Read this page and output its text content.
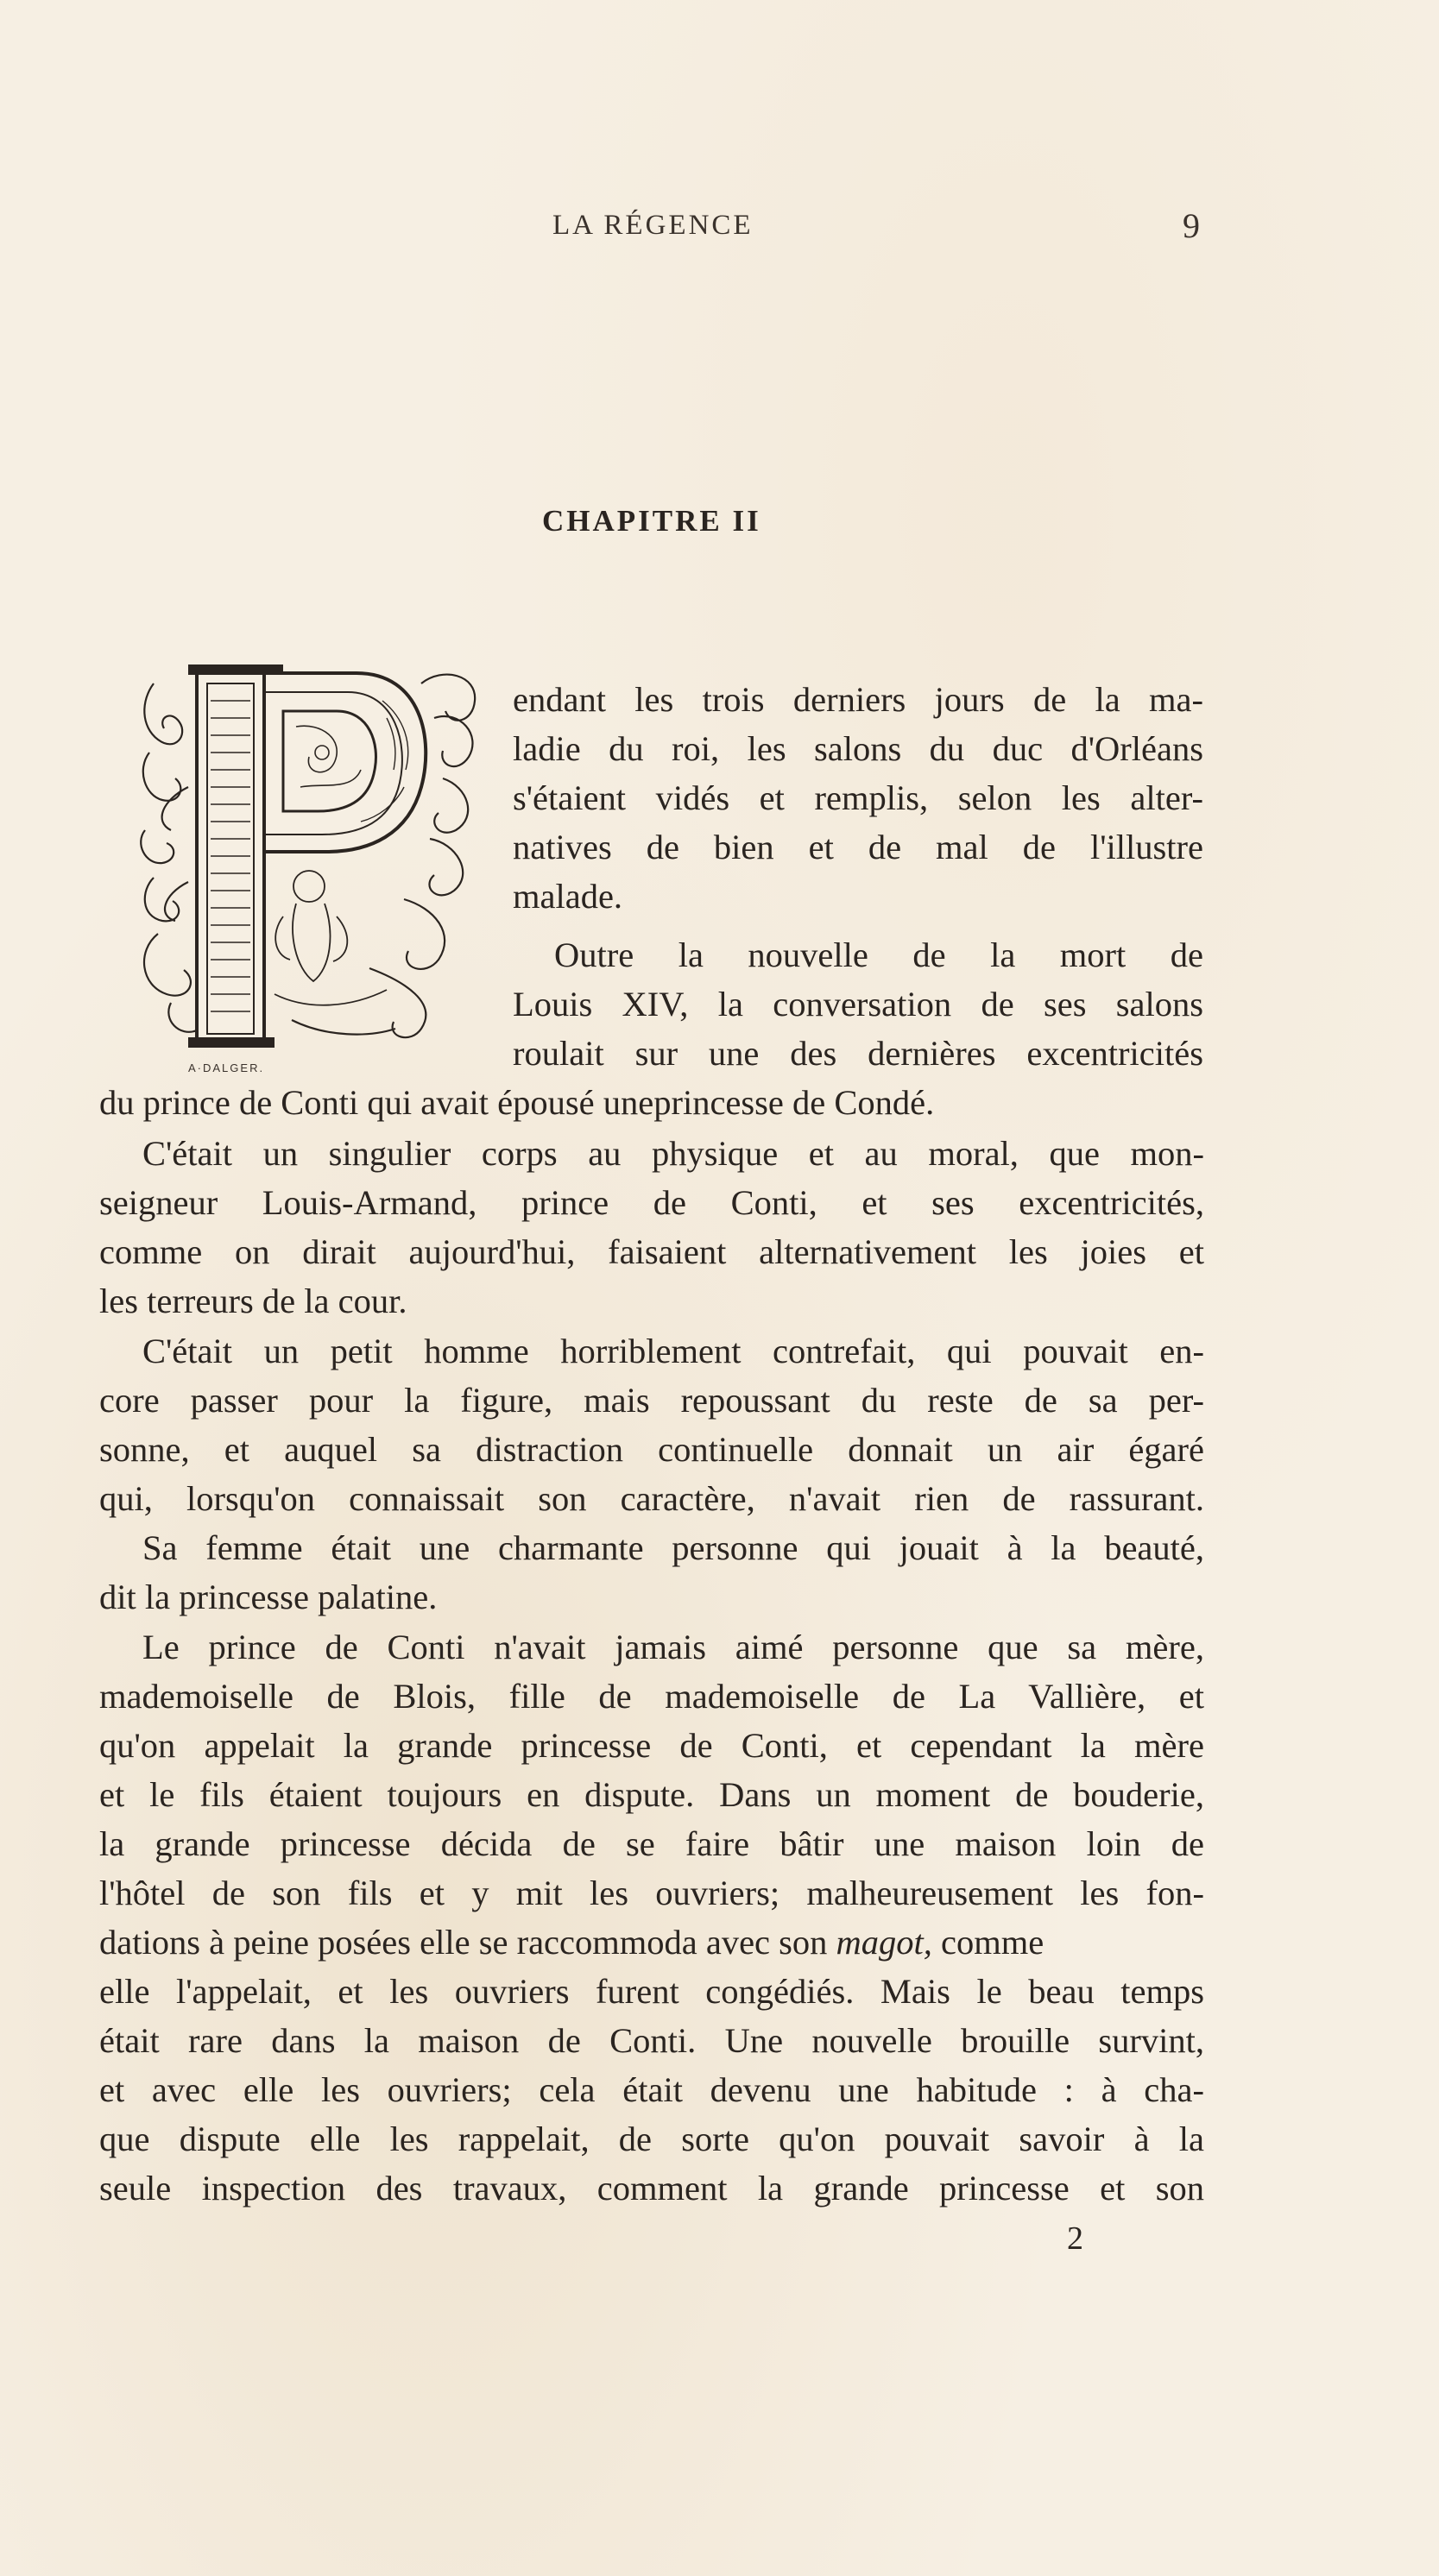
LA RÉGENCE	9
CHAPITRE II
A·DALGER.
endant les trois derniers jours de la ma-
ladie du roi, les salons du duc d'Orléans
s'étaient vidés et remplis, selon les alter-
natives de bien et de mal de l'illustre
malade.
Outre la nouvelle de la mort de
Louis XIV, la conversation de ses salons
roulait sur une des dernières excentricités
du prince de Conti qui avait épousé uneprincesse de Condé.
C'était un singulier corps au physique et au moral, que mon-
seigneur Louis-Armand, prince de Conti, et ses excentricités,
comme on dirait aujourd'hui, faisaient alternativement les joies et
les terreurs de la cour.
C'était un petit homme horriblement contrefait, qui pouvait en-
core passer pour la figure, mais repoussant du reste de sa per-
sonne, et auquel sa distraction continuelle donnait un air égaré
qui, lorsqu'on connaissait son caractère, n'avait rien de rassurant.
Sa femme était une charmante personne qui jouait à la beauté,
dit la princesse palatine.
Le prince de Conti n'avait jamais aimé personne que sa mère,
mademoiselle de Blois, fille de mademoiselle de La Vallière, et
qu'on appelait la grande princesse de Conti, et cependant la mère
et le fils étaient toujours en dispute. Dans un moment de bouderie,
la grande princesse décida de se faire bâtir une maison loin de
l'hôtel de son fils et y mit les ouvriers; malheureusement les fon-
dations à peine posées elle se raccommoda avec son magot, comme
elle l'appelait, et les ouvriers furent congédiés. Mais le beau temps
était rare dans la maison de Conti. Une nouvelle brouille survint,
et avec elle les ouvriers; cela était devenu une habitude : à cha-
que dispute elle les rappelait, de sorte qu'on pouvait savoir à la
seule inspection des travaux, comment la grande princesse et son
2
